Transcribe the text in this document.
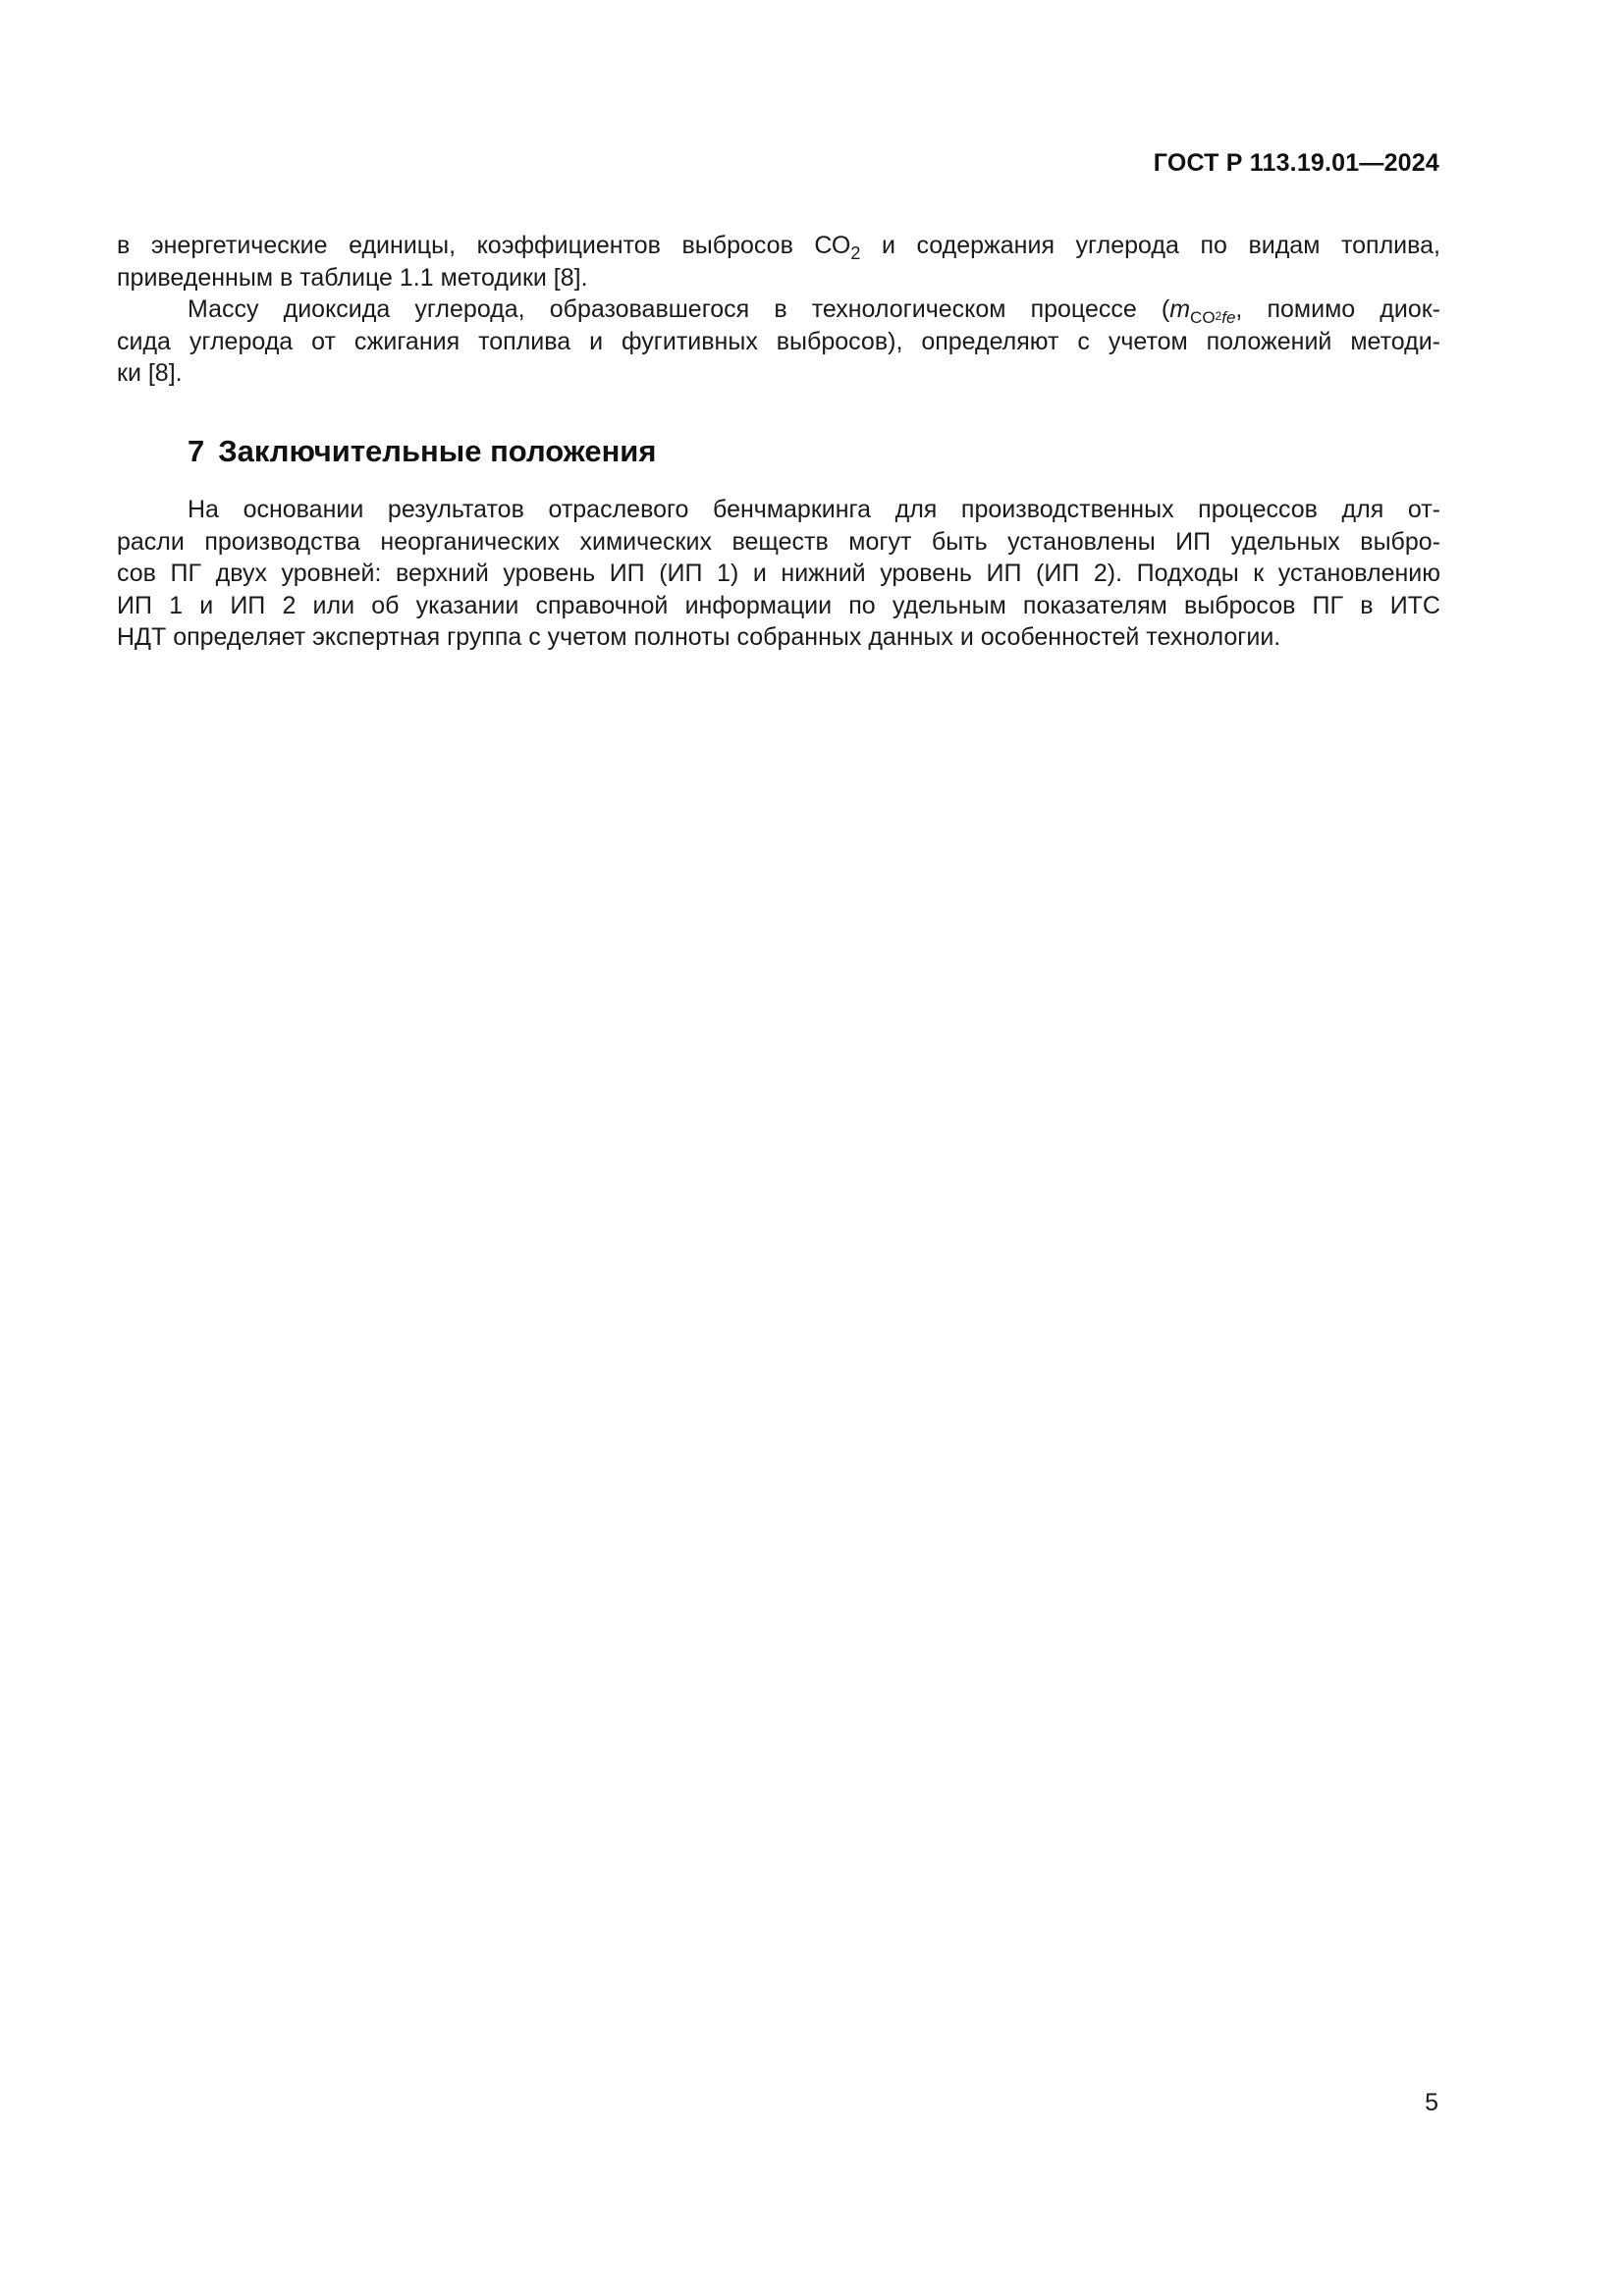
ГОСТ Р 113.19.01—2024
в энергетические единицы, коэффициентов выбросов $СО_2$ и содержания углерода по видам топлива,
приведенным в таблице 1.1 методики [8].
Массу диоксида углерода, образовавшегося в технологическом процессе ($m_{CO}2_{fe}$, помимо диок-
сида углерода от сжигания топлива и фугитивных выбросов), определяют с учетом положений методи-
ки [8].
7 Заключительные положения
На основании результатов отраслевого бенчмаркинга для производственных процессов для от-
расли производства неорганических химических веществ могут быть установлены ИП удельных выбро-
сов ПГ двух уровней: верхний уровень ИП (ИП 1) и нижний уровень ИП (ИП 2). Подходы к установлению
ИП 1 и ИП 2 или об указании справочной информации по удельным показателям выбросов ПГ в ИТС
НДТ определяет экспертная группа с учетом полноты собранных данных и особенностей технологии.
5
